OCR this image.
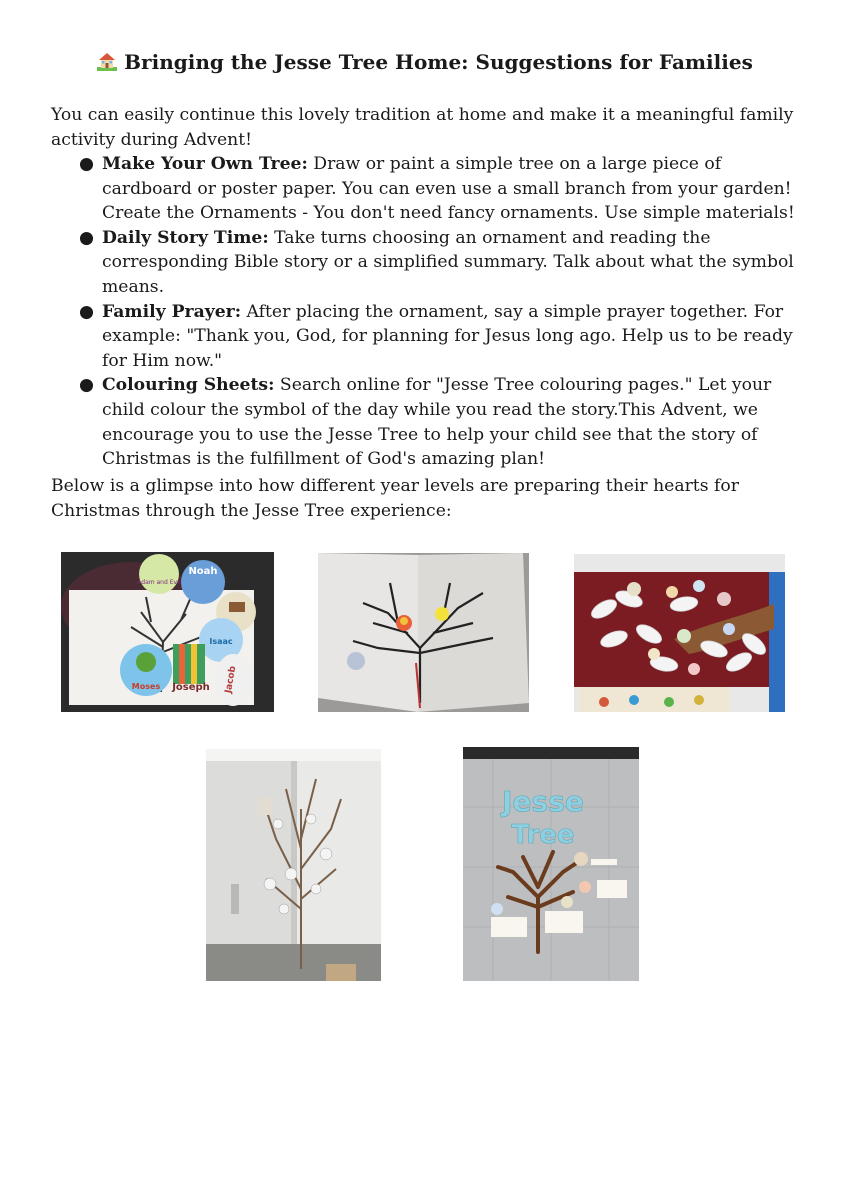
Bringing the Jesse Tree Home: Suggestions for Families

You can easily continue this lovely tradition at home and make it a meaningful family activity during Advent!

● Make Your Own Tree: Draw or paint a simple tree on a large piece of cardboard or poster paper. You can even use a small branch from your garden! Create the Ornaments - You don't need fancy ornaments. Use simple materials!
● Daily Story Time: Take turns choosing an ornament and reading the corresponding Bible story or a simplified summary. Talk about what the symbol means.
● Family Prayer: After placing the ornament, say a simple prayer together. For example: "Thank you, God, for planning for Jesus long ago. Help us to be ready for Him now."
● Colouring Sheets: Search online for "Jesse Tree colouring pages." Let your child colour the symbol of the day while you read the story.This Advent, we encourage you to use the Jesse Tree to help your child see that the story of Christmas is the fulfillment of God's amazing plan!

Below is a glimpse into how different year levels are preparing their hearts for Christmas through the Jesse Tree experience:

Noah
Adam and Eve
Isaac
Moses Joseph Jacob
Jesse
Tree
